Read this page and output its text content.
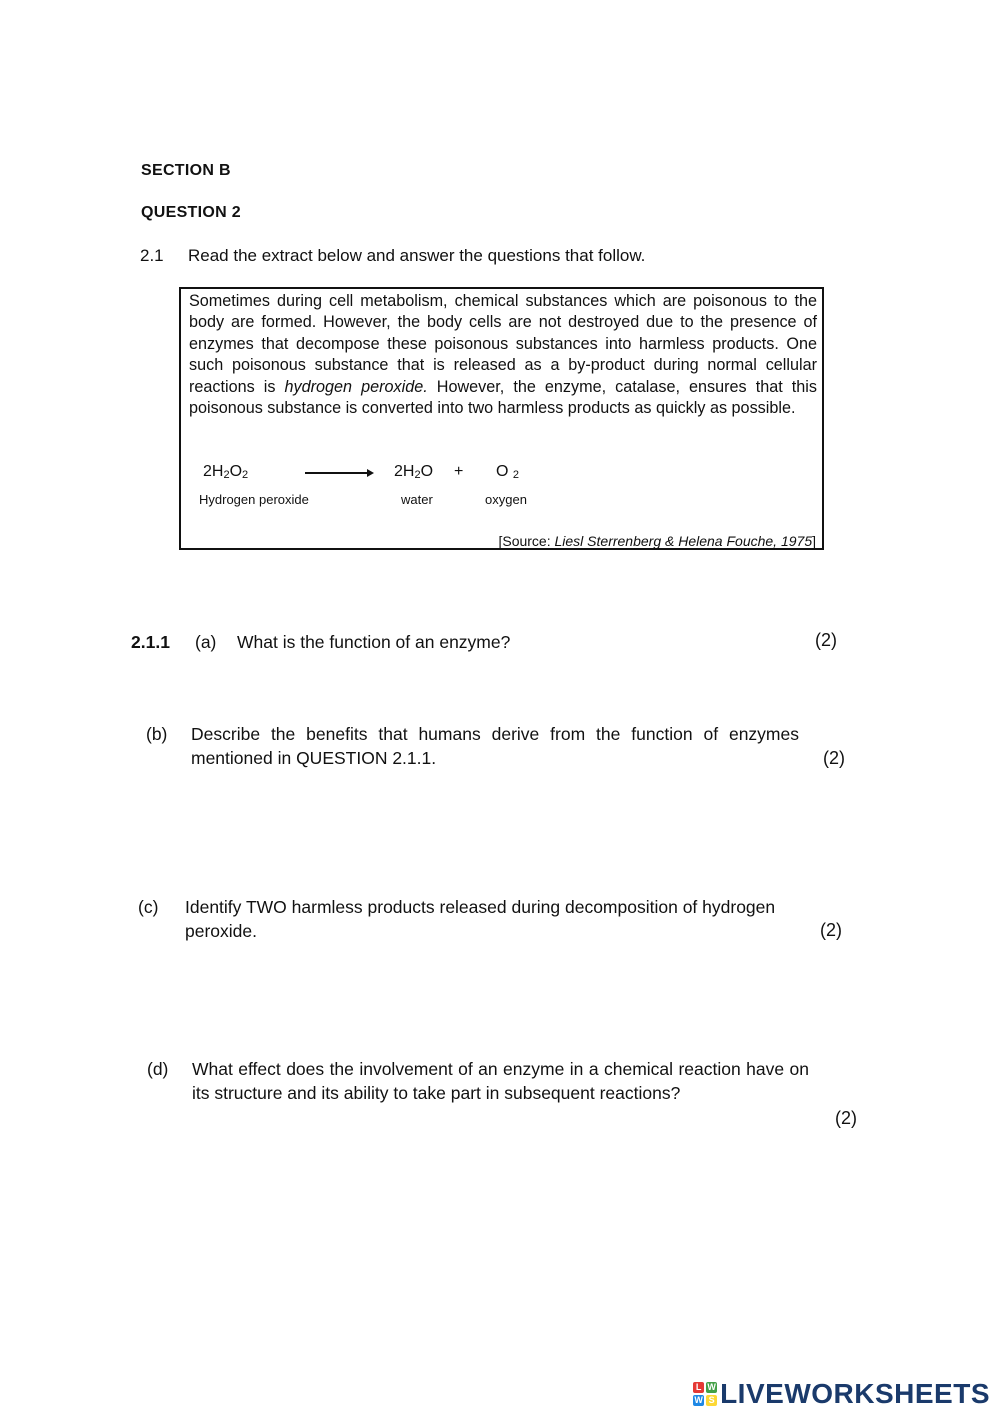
SECTION B
QUESTION 2
2.1 Read the extract below and answer the questions that follow.
Sometimes during cell metabolism, chemical substances which are poisonous to the body are formed. However, the body cells are not destroyed due to the presence of enzymes that decompose these poisonous substances into harmless products. One such poisonous substance that is released as a by-product during normal cellular reactions is hydrogen peroxide. However, the enzyme, catalase, ensures that this poisonous substance is converted into two harmless products as quickly as possible.
$2H_2O_2$	$2H_2O + O$ $_2$
Hydrogen peroxide	water	oxygen
[Source: Liesl Sterrenberg & Helena Fouche, 1975]
2.1.1 (a) What is the function of an enzyme?	(2)
(b) Describe the benefits that humans derive from the function of enzymes mentioned in QUESTION 2.1.1.	(2)
(c) Identify TWO harmless products released during decomposition of hydrogen peroxide.	(2)
(d) What effect does the involvement of an enzyme in a chemical reaction have on its structure and its ability to take part in subsequent reactions?
(2)
L W
W S LIVEWORKSHEETS
